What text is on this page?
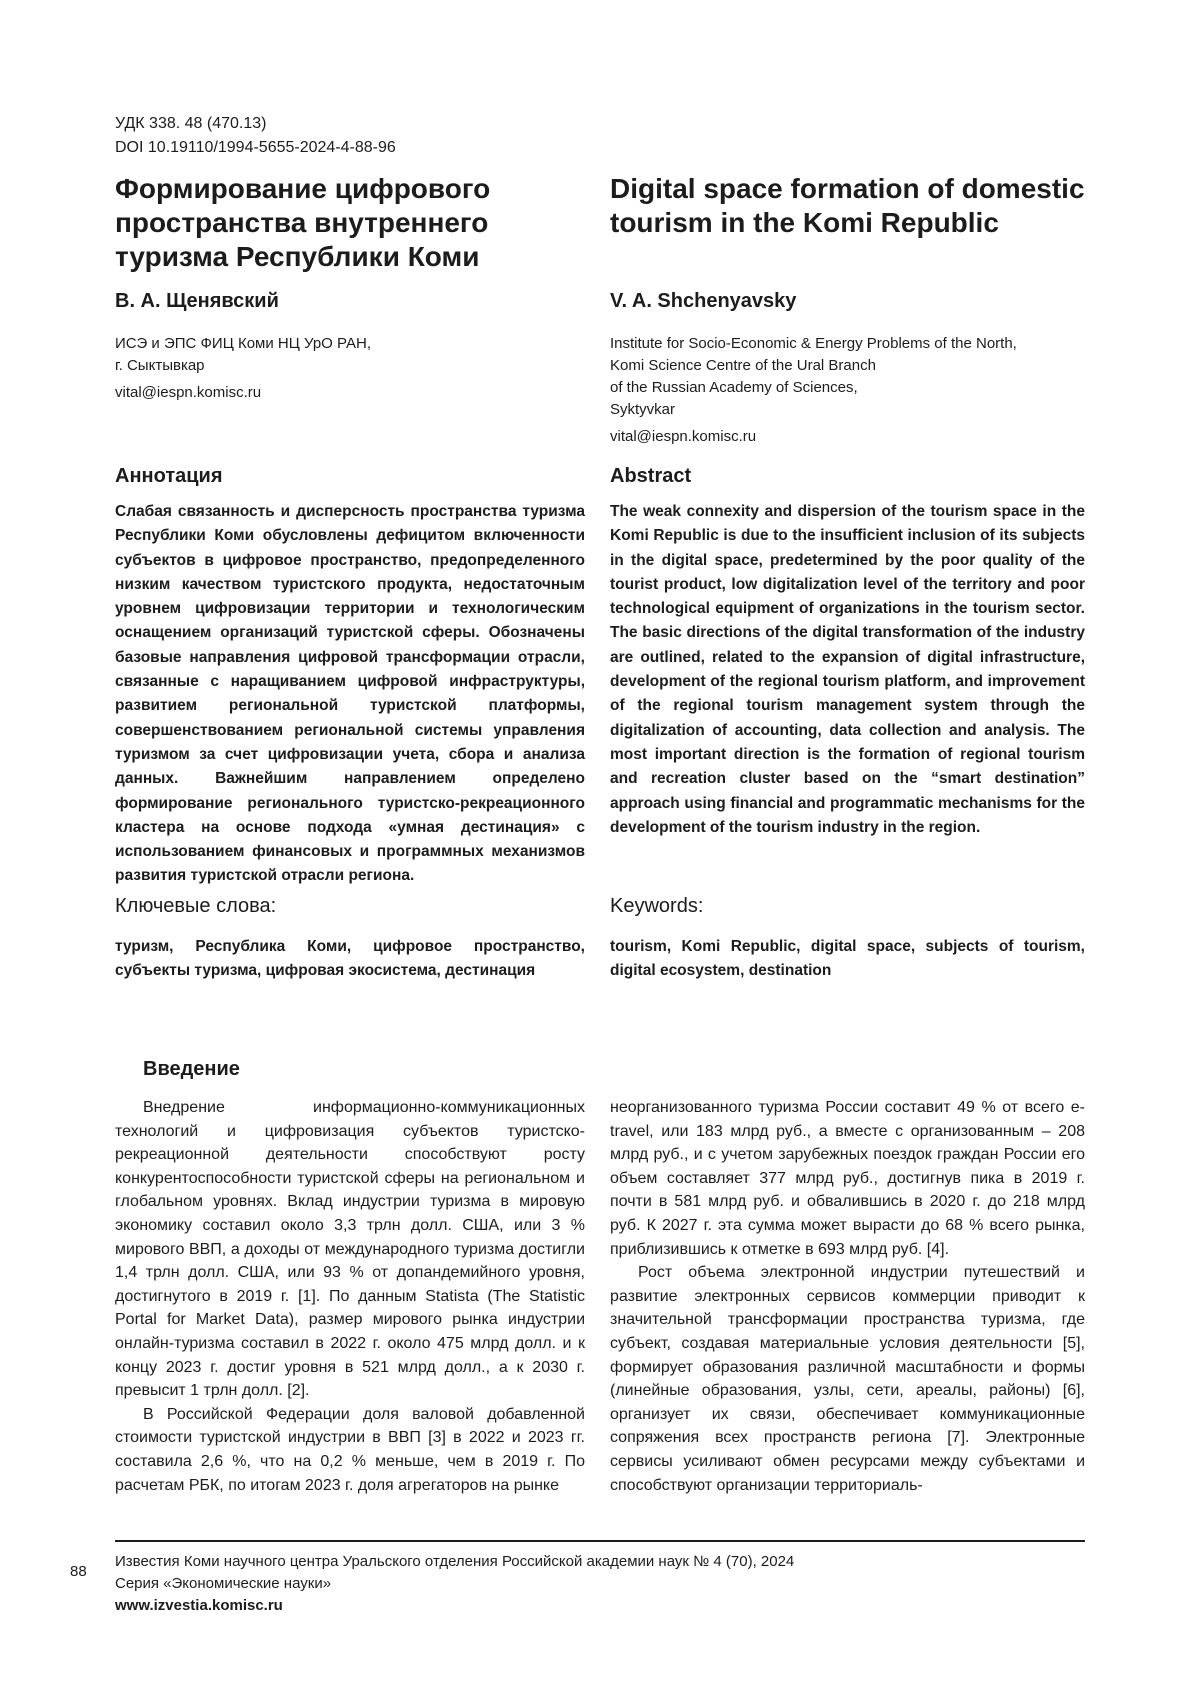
УДК 338. 48 (470.13)
DOI 10.19110/1994-5655-2024-4-88-96
Формирование цифрового пространства внутреннего туризма Республики Коми
В. А. Щенявский
ИСЭ и ЭПС ФИЦ Коми НЦ УрО РАН,
г. Сыктывкар
vital@iespn.komisc.ru
Digital space formation of domestic tourism in the Komi Republic
V. A. Shchenyavsky
Institute for Socio-Economic & Energy Problems of the North,
Komi Science Centre of the Ural Branch
of the Russian Academy of Sciences,
Syktyvkar
vital@iespn.komisc.ru
Аннотация

Слабая связанность и дисперсность пространства туризма Республики Коми обусловлены дефицитом включенности субъектов в цифровое пространство, предопределенного низким качеством туристского продукта, недостаточным уровнем цифровизации территории и технологическим оснащением организаций туристской сферы. Обозначены базовые направления цифровой трансформации отрасли, связанные с наращиванием цифровой инфраструктуры, развитием региональной туристской платформы, совершенствованием региональной системы управления туризмом за счет цифровизации учета, сбора и анализа данных. Важнейшим направлением определено формирование регионального туристско-рекреационного кластера на основе подхода «умная дестинация» с использованием финансовых и программных механизмов развития туристской отрасли региона.

Abstract

The weak connexity and dispersion of the tourism space in the Komi Republic is due to the insufficient inclusion of its subjects in the digital space, predetermined by the poor quality of the tourist product, low digitalization level of the territory and poor technological equipment of organizations in the tourism sector. The basic directions of the digital transformation of the industry are outlined, related to the expansion of digital infrastructure, development of the regional tourism platform, and improvement of the regional tourism management system through the digitalization of accounting, data collection and analysis. The most important direction is the formation of regional tourism and recreation cluster based on the “smart destination” approach using financial and programmatic mechanisms for the development of the tourism industry in the region.

Ключевые слова:

туризм, Республика Коми, цифровое пространство, субъекты туризма, цифровая экосистема, дестинация

Keywords:

tourism, Komi Republic, digital space, subjects of tourism, digital ecosystem, destination

Введение

Внедрение информационно-коммуникационных технологий и цифровизация субъектов туристско-рекреационной деятельности способствуют росту конкурентоспособности туристской сферы на региональном и глобальном уровнях. Вклад индустрии туризма в мировую экономику составил около 3,3 трлн долл. США, или 3 % мирового ВВП, а доходы от международного туризма достигли 1,4 трлн долл. США, или 93 % от допандемийного уровня, достигнутого в 2019 г. [1]. По данным Statista (The Statistic Portal for Market Data), размер мирового рынка индустрии онлайн-туризма составил в 2022 г. около 475 млрд долл. и к концу 2023 г. достиг уровня в 521 млрд долл., а к 2030 г. превысит 1 трлн долл. [2].

В Российской Федерации доля валовой добавленной стоимости туристской индустрии в ВВП [3] в 2022 и 2023 гг. составила 2,6 %, что на 0,2 % меньше, чем в 2019 г. По расчетам РБК, по итогам 2023 г. доля агрегаторов на рынке

неорганизованного туризма России составит 49 % от всего e-travel, или 183 млрд руб., а вместе с организованным – 208 млрд руб., и с учетом зарубежных поездок граждан России его объем составляет 377 млрд руб., достигнув пика в 2019 г. почти в 581 млрд руб. и обвалившись в 2020 г. до 218 млрд руб. К 2027 г. эта сумма может вырасти до 68 % всего рынка, приблизившись к отметке в 693 млрд руб. [4].

Рост объема электронной индустрии путешествий и развитие электронных сервисов коммерции приводит к значительной трансформации пространства туризма, где субъект, создавая материальные условия деятельности [5], формирует образования различной масштабности и формы (линейные образования, узлы, сети, ареалы, районы) [6], организует их связи, обеспечивает коммуникационные сопряжения всех пространств региона [7]. Электронные сервисы усиливают обмен ресурсами между субъектами и способствуют организации территориаль-

88
Известия Коми научного центра Уральского отделения Российской академии наук № 4 (70), 2024
Серия «Экономические науки»
www.izvestia.komisc.ru
